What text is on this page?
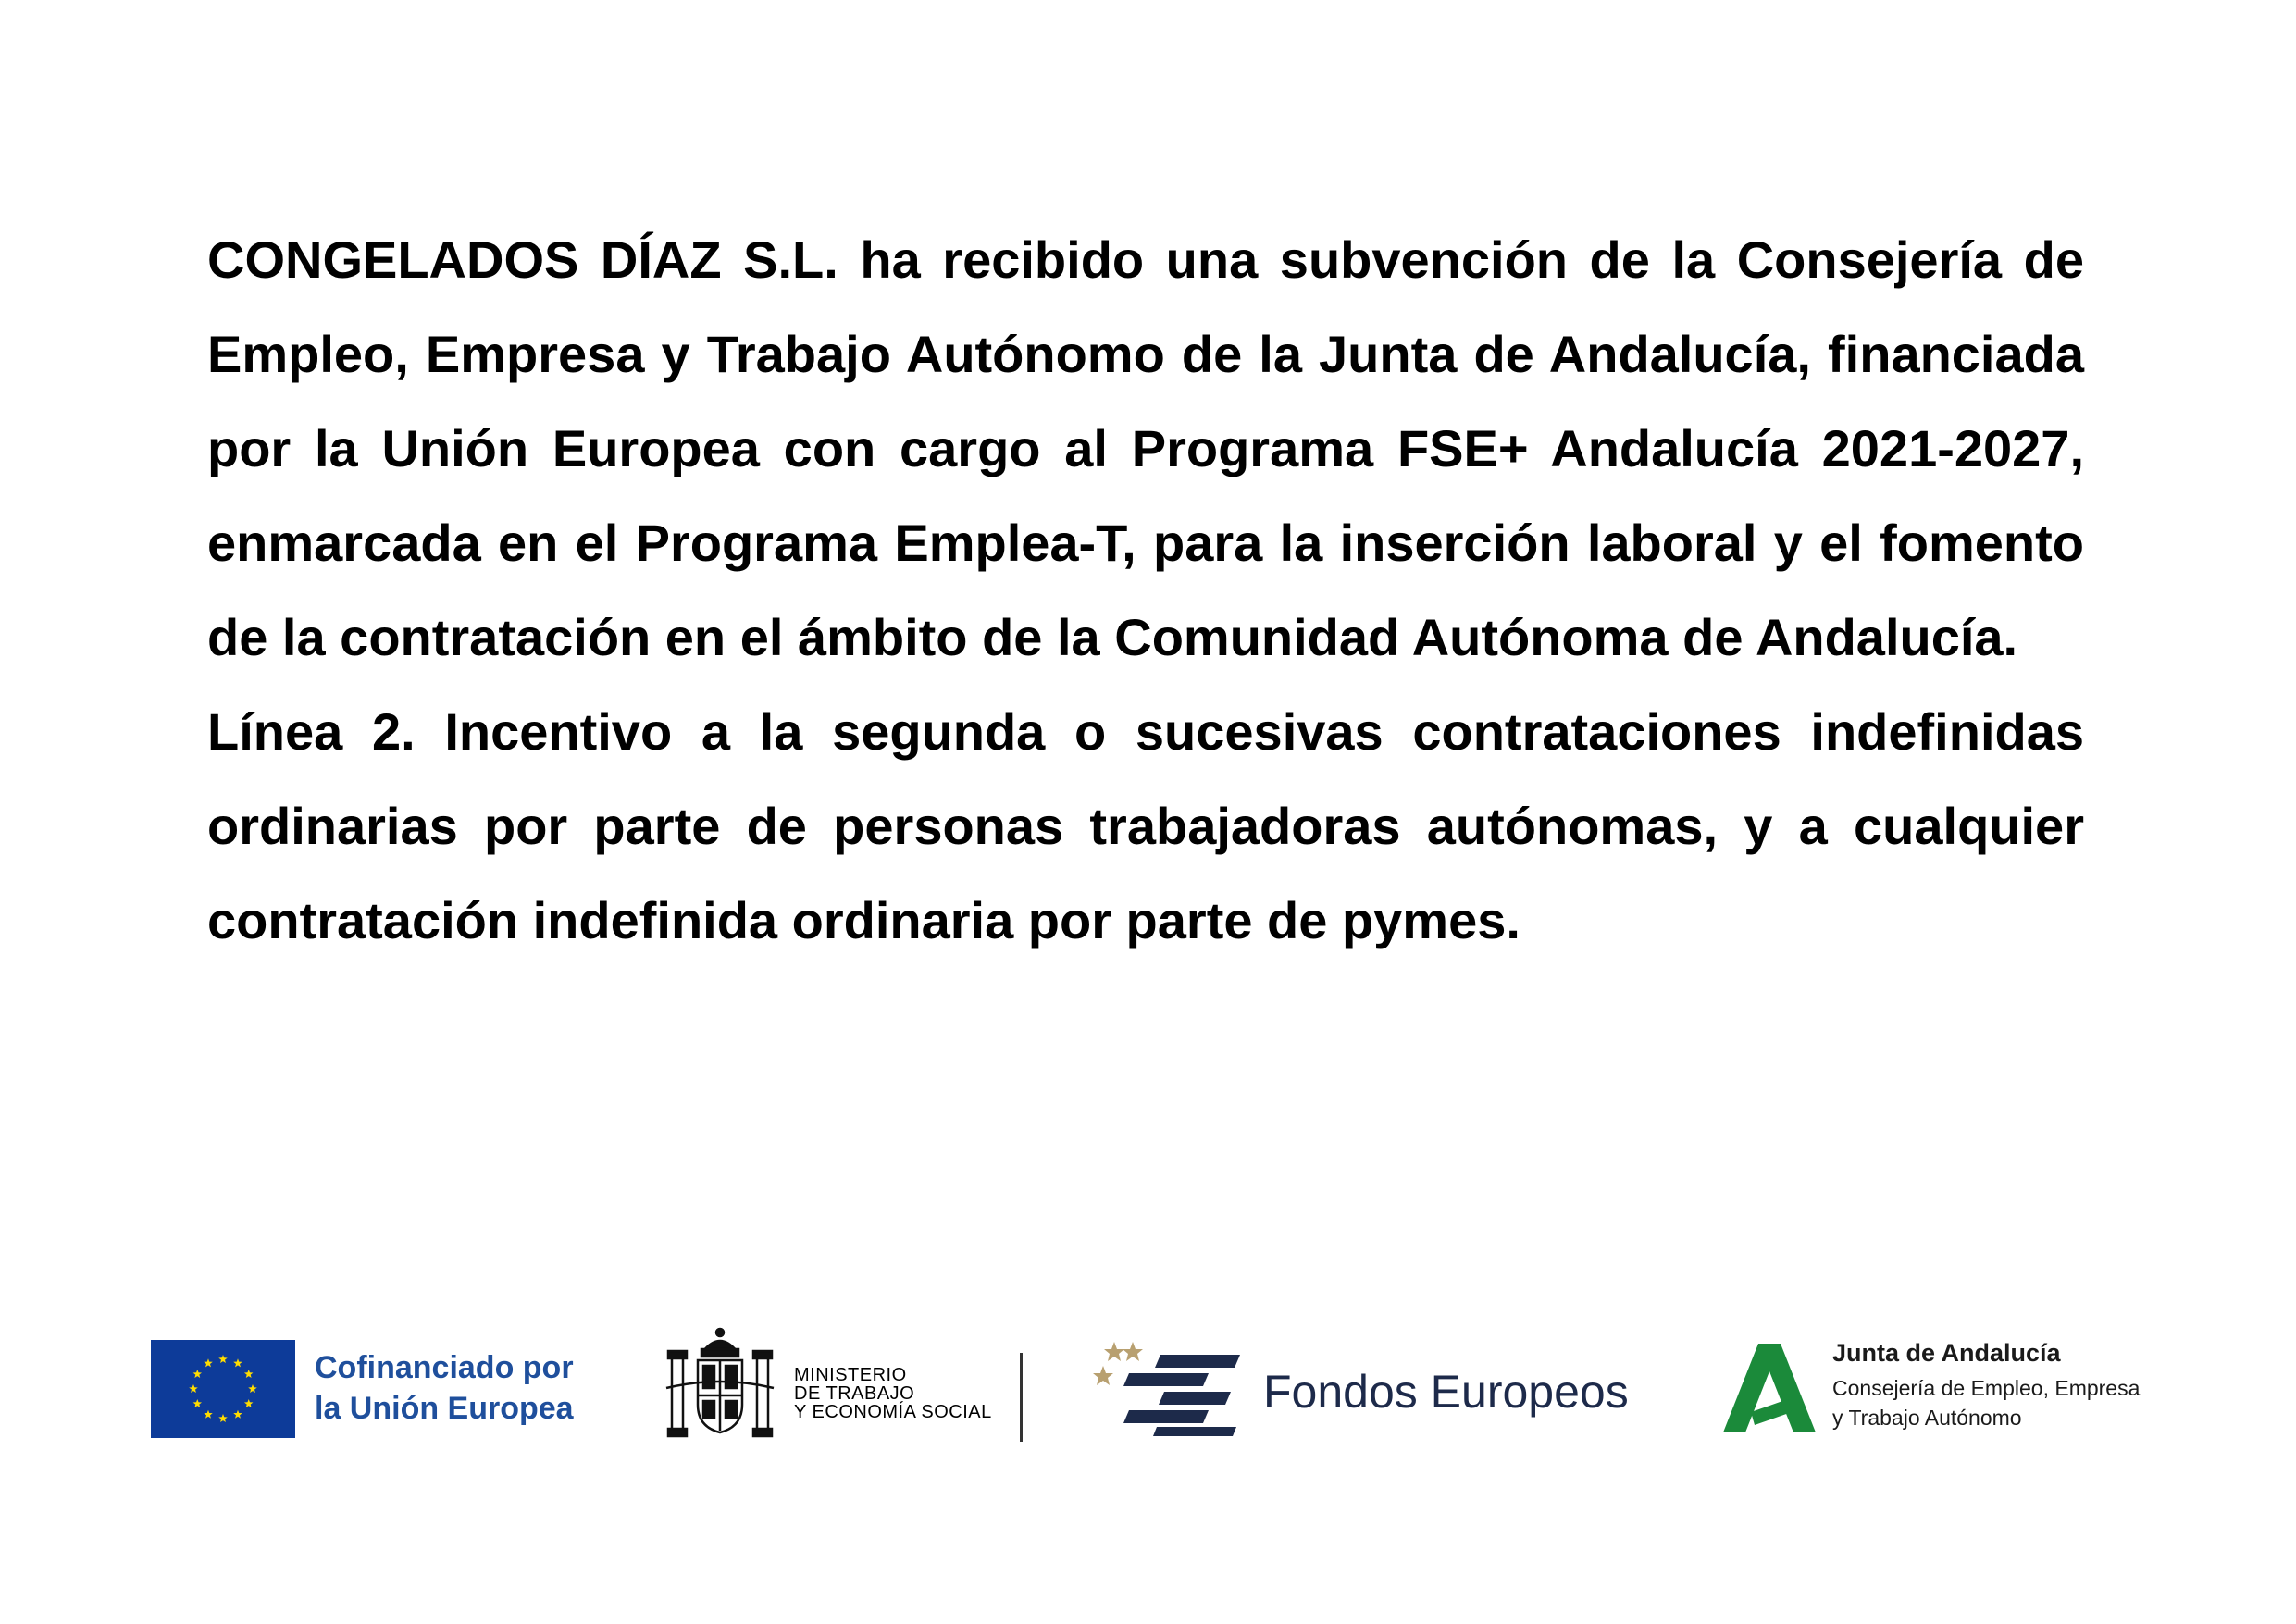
CONGELADOS DÍAZ S.L. ha recibido una subvención de la Consejería de Empleo, Empresa y Trabajo Autónomo de la Junta de Andalucía, financiada por la Unión Europea con cargo al Programa FSE+ Andalucía 2021-2027, enmarcada en el Programa Emplea-T, para la inserción laboral y el fomento de la contratación en el ámbito de la Comunidad Autónoma de Andalucía.

Línea 2. Incentivo a la segunda o sucesivas contrataciones indefinidas ordinarias por parte de personas trabajadoras autónomas, y a cualquier contratación indefinida ordinaria por parte de pymes.

Cofinanciado por
la Unión Europea
MINISTERIO
DE TRABAJO
Y ECONOMÍA SOCIAL	Fondos Europeos
Junta de Andalucía
Consejería de Empleo, Empresa
y Trabajo Autónomo
